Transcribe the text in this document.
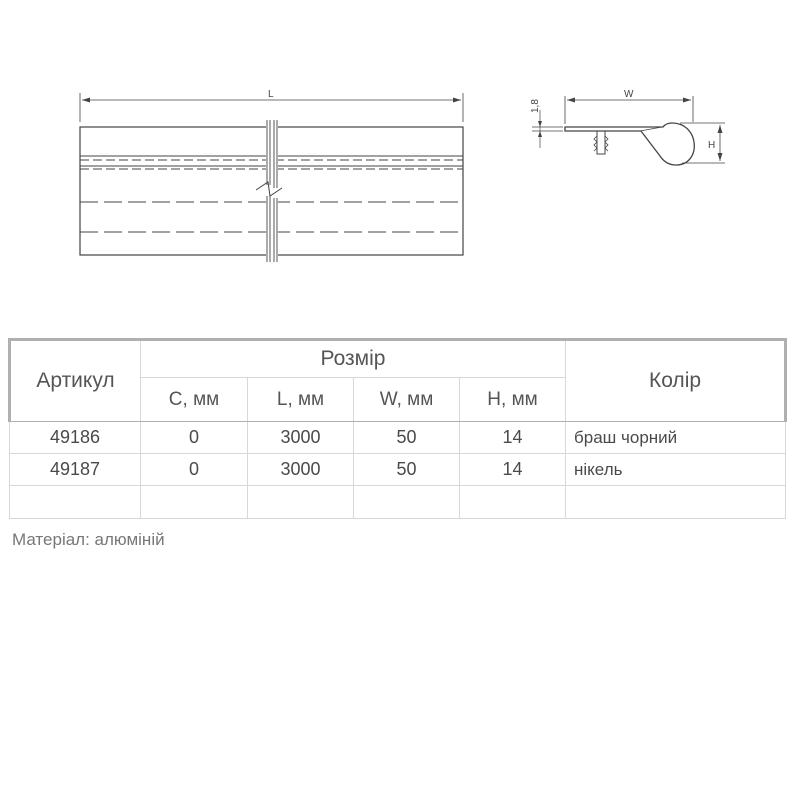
L	W
H
1,8
Артикул	Розмір				Колір
	C, мм	L, мм	W, мм	H, мм	
49186	0	3000	50	14	браш чорний
49187	0	3000	50	14	нікель

Матеріал: алюміній
